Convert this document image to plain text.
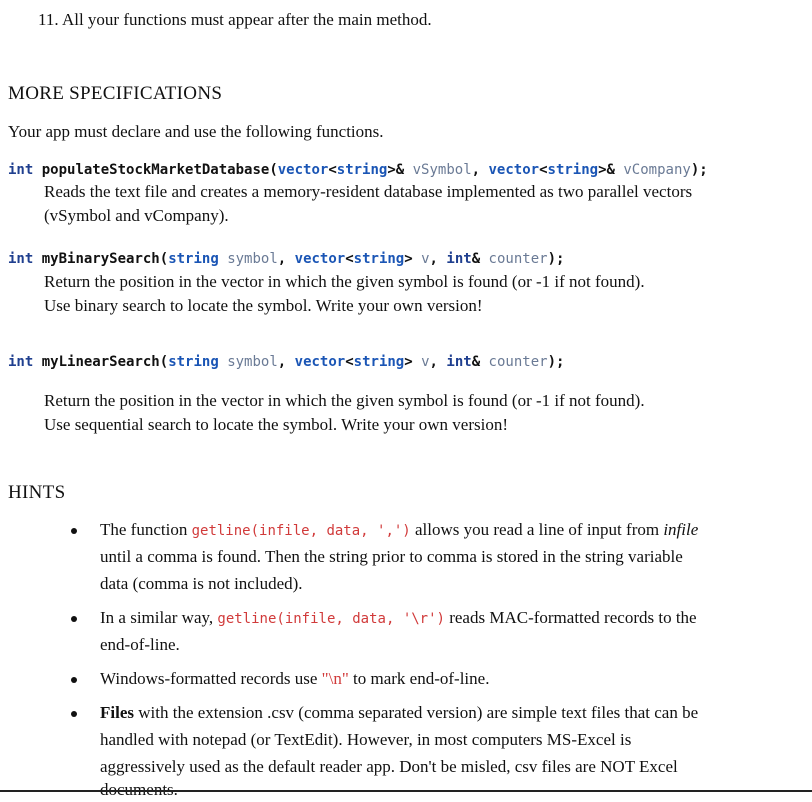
11. All your functions must appear after the main method.
MORE SPECIFICATIONS
Your app must declare and use the following functions.
int populateStockMarketDatabase(vector<string>& vSymbol, vector<string>& vCompany);
Reads the text file and creates a memory-resident database implemented as two parallel vectors
(vSymbol and vCompany).
int myBinarySearch(string symbol, vector<string> v, int& counter);
Return the position in the vector in which the given symbol is found (or -1 if not found).
Use binary search to locate the symbol. Write your own version!
int myLinearSearch(string symbol, vector<string> v, int& counter);
Return the position in the vector in which the given symbol is found (or -1 if not found).
Use sequential search to locate the symbol. Write your own version!
HINTS
The function getline(infile, data, ',') allows you read a line of input from infile
until a comma is found. Then the string prior to comma is stored in the string variable
data (comma is not included).
In a similar way, getline(infile, data, '\r') reads MAC-formatted records to the
end-of-line.
Windows-formatted records use "\n" to mark end-of-line.
Files with the extension .csv (comma separated version) are simple text files that can be
handled with notepad (or TextEdit). However, in most computers MS-Excel is
aggressively used as the default reader app. Don't be misled, csv files are NOT Excel
